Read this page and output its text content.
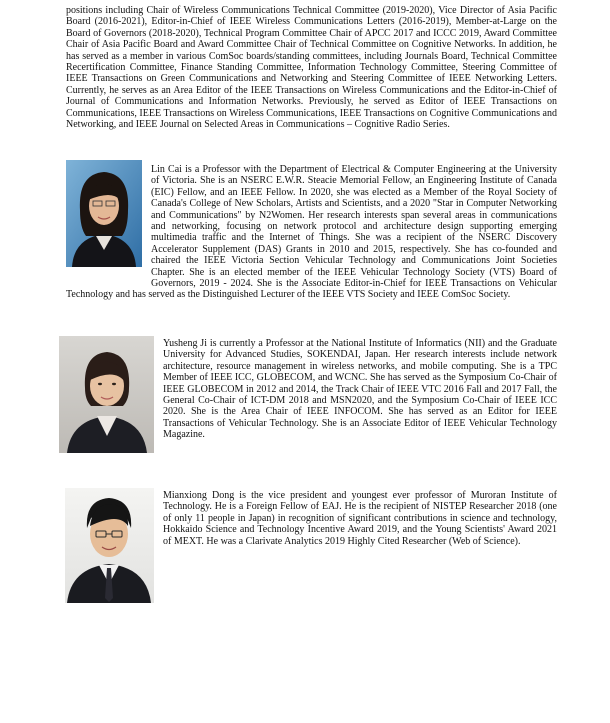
positions including Chair of Wireless Communications Technical Committee (2019-2020), Vice Director of Asia Pacific Board (2016-2021), Editor-in-Chief of IEEE Wireless Communications Letters (2016-2019), Member-at-Large on the Board of Governors (2018-2020), Technical Program Committee Chair of APCC 2017 and ICCC 2019, Award Committee Chair of Asia Pacific Board and Award Committee Chair of Technical Committee on Cognitive Networks. In addition, he has served as a member in various ComSoc boards/standing committees, including Journals Board, Technical Committee Recertification Committee, Finance Standing Committee, Information Technology Committee, Steering Committee of IEEE Transactions on Green Communications and Networking and Steering Committee of IEEE Networking Letters. Currently, he serves as an Area Editor of the IEEE Transactions on Wireless Communications and the Editor-in-Chief of Journal of Communications and Information Networks. Previously, he served as Editor of IEEE Transactions on Communications, IEEE Transactions on Wireless Communications, IEEE Transactions on Cognitive Communications and Networking, and IEEE Journal on Selected Areas in Communications – Cognitive Radio Series.

Lin Cai is a Professor with the Department of Electrical & Computer Engineering at the University of Victoria. She is an NSERC E.W.R. Steacie Memorial Fellow, an Engineering Institute of Canada (EIC) Fellow, and an IEEE Fellow. In 2020, she was elected as a Member of the Royal Society of Canada's College of New Scholars, Artists and Scientists, and a 2020 "Star in Computer Networking and Communications" by N2Women. Her research interests span several areas in communications and networking, focusing on network protocol and architecture design supporting emerging multimedia traffic and the Internet of Things. She was a recipient of the NSERC Discovery Accelerator Supplement (DAS) Grants in 2010 and 2015, respectively. She has co-founded and chaired the IEEE Victoria Section Vehicular Technology and Communications Joint Societies Chapter. She is an elected member of the IEEE Vehicular Technology Society (VTS) Board of Governors, 2019 - 2024. She is the Associate Editor-in-Chief for IEEE Transactions on Vehicular Technology and has served as the Distinguished Lecturer of the IEEE VTS Society and IEEE ComSoc Society.

Yusheng Ji is currently a Professor at the National Institute of Informatics (NII) and the Graduate University for Advanced Studies, SOKENDAI, Japan. Her research interests include network architecture, resource management in wireless networks, and mobile computing. She is a TPC Member of IEEE ICC, GLOBECOM, and WCNC. She has served as the Symposium Co-Chair of IEEE GLOBECOM in 2012 and 2014, the Track Chair of IEEE VTC 2016 Fall and 2017 Fall, the General Co-Chair of ICT-DM 2018 and MSN2020, and the Symposium Co-Chair of IEEE ICC 2020. She is the Area Chair of IEEE INFOCOM. She has served as an Editor for IEEE Transactions of Vehicular Technology. She is an Associate Editor of IEEE Vehicular Technology Magazine.

Mianxiong Dong is the vice president and youngest ever professor of Muroran Institute of Technology. He is a Foreign Fellow of EAJ. He is the recipient of NISTEP Researcher 2018 (one of only 11 people in Japan) in recognition of significant contributions in science and technology, Hokkaido Science and Technology Incentive Award 2019, and the Young Scientists' Award 2021 of MEXT. He was a Clarivate Analytics 2019 Highly Cited Researcher (Web of Science).
